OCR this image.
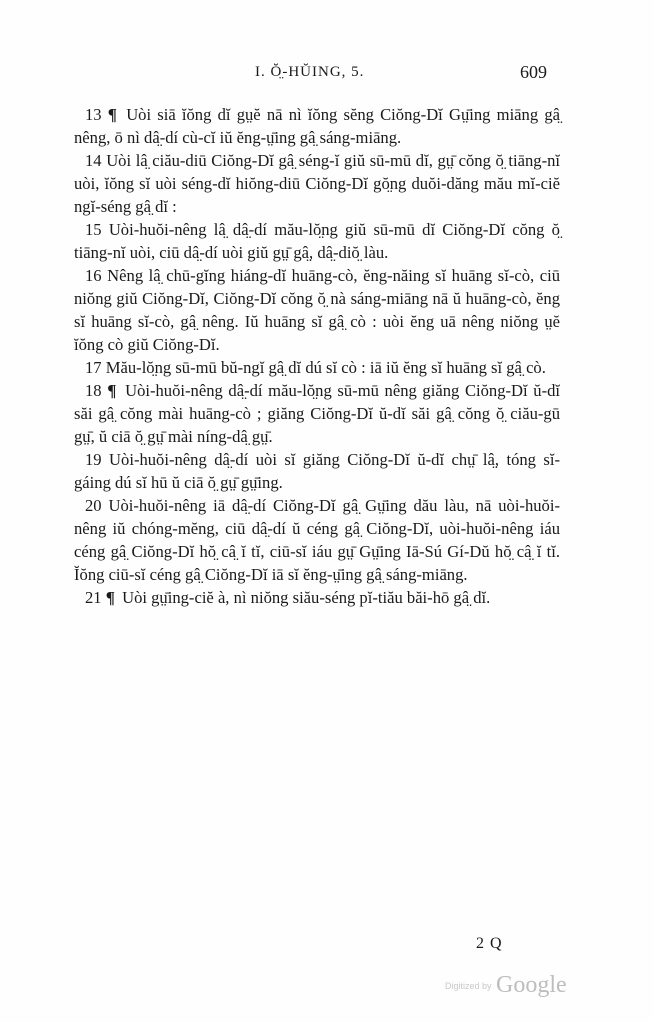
I. Ŏ̤-HŬING, 5.	609

13 ¶ Uòi siā ĭŏng dĭ gṳĕ nā nì ĭŏng sĕng Ciŏng-Dĭ Gṳ̄ing miāng gâ̤ nêng, ō nì dâ̤-dí cù-cĭ iŭ ĕng-ṳ̄ing gâ̤ sáng-miāng.

14 Uòi lâ̤ ciău-diū Ciŏng-Dĭ gâ̤ séng-ĭ giŭ sū-mū dĭ, gṳ̄ cŏng ŏ̤ tiāng-nĭ uòi, ĭŏng sĭ uòi séng-dĭ hiŏng-diū Ciŏng-Dĭ gŏ̤ng duŏi-dăng mău mĭ-ciĕ ngĭ-séng gâ̤ dĭ :

15 Uòi-huŏi-nêng lâ̤ dâ̤-dí mău-lŏ̤ng giŭ sū-mū dĭ Ciŏng-Dĭ cŏng ŏ̤ tiāng-nĭ uòi, ciū dâ̤-dí uòi giŭ gṳ̄ gâ̤, dâ̤-diŏ̤ làu.

16 Nêng lâ̤ chū-gĭng hiáng-dĭ huāng-cò, ĕng-năing sĭ huāng sĭ-cò, ciū niŏng giŭ Ciŏng-Dĭ, Ciŏng-Dĭ cŏng ŏ̤ nà sáng-miāng nā ŭ huāng-cò, ĕng sĭ huāng sĭ-cò, gâ̤ nêng. Iŭ huāng sĭ gâ̤ cò : uòi ĕng uā nêng niŏng ṳĕ ĭŏng cò giŭ Ciŏng-Dĭ.

17 Mău-lŏ̤ng sū-mū bŭ-ngĭ gâ̤ dĭ dú sĭ cò : iā iŭ ĕng sĭ huāng sĭ gâ̤ cò.

18 ¶ Uòi-huŏi-nêng dâ̤-dí mău-lŏ̤ng sū-mū nêng giăng Ciŏng-Dĭ ŭ-dĭ săi gâ̤ cŏng mài huāng-cò ; giăng Ciŏng-Dĭ ŭ-dĭ săi gâ̤ cŏng ŏ̤ ciău-gū gṳ̄, ŭ ciā ŏ̤ gṳ̄ mài níng-dâ̤ gṳ̄.

19 Uòi-huŏi-nêng dâ̤-dí uòi sĭ giăng Ciŏng-Dĭ ŭ-dĭ chṳ̄ lâ̤, tóng sĭ-gáing dú sĭ hū ŭ ciā ŏ̤ gṳ̄ gṳ̄ing.

20 Uòi-huŏi-nêng iā dâ̤-dí Ciŏng-Dĭ gâ̤ Gṳ̄ing dău làu, nā uòi-huŏi-nêng iŭ chóng-mĕng, ciū dâ̤-dí ŭ céng gâ̤ Ciŏng-Dĭ, uòi-huŏi-nêng iáu céng gâ̤ Ciŏng-Dĭ hŏ̤ câ̤ ĭ tĭ, ciū-sĭ iáu gṳ̄ Gṳ̄ing Iā-Sú Gí-Dŭ hŏ̤ câ̤ ĭ tĭ. Ĭŏng ciū-sĭ céng gâ̤ Ciŏng-Dĭ iā sĭ ĕng-ṳ̄ing gâ̤ sáng-miāng.

21 ¶ Uòi gṳ̄ing-ciĕ à, nì niŏng siău-séng pĭ-tiău băi-hō gâ̤ dĭ.

2 Q
Digitized by Google
